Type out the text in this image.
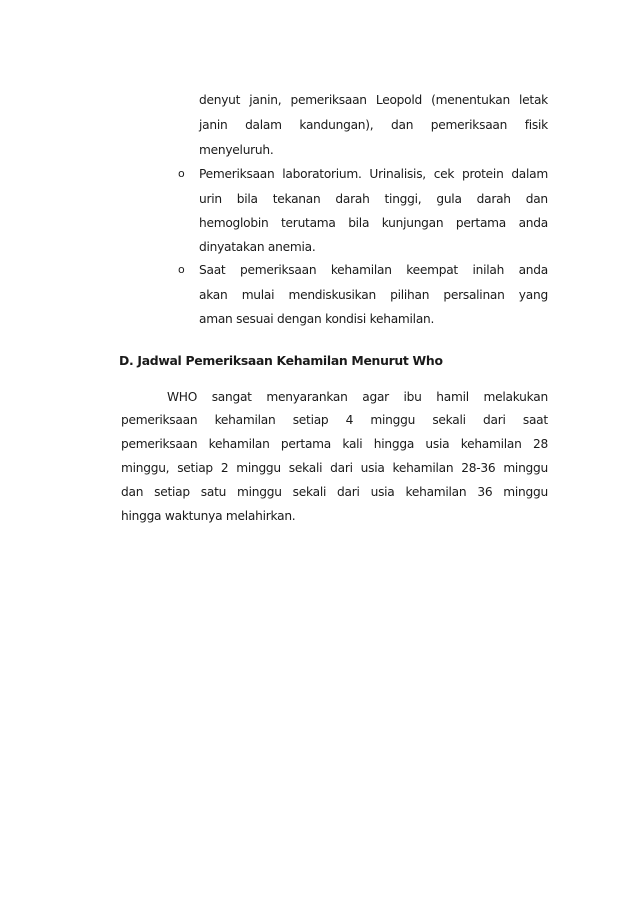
denyut janin, pemeriksaan Leopold (menentukan letak
janin dalam kandungan), dan pemeriksaan fisik
menyeluruh.
o Pemeriksaan laboratorium. Urinalisis, cek protein dalam
urin bila tekanan darah tinggi, gula darah dan
hemoglobin terutama bila kunjungan pertama anda
dinyatakan anemia.
o Saat pemeriksaan kehamilan keempat inilah anda
akan mulai mendiskusikan pilihan persalinan yang
aman sesuai dengan kondisi kehamilan.
D. Jadwal Pemeriksaan Kehamilan Menurut Who
WHO sangat menyarankan agar ibu hamil melakukan
pemeriksaan kehamilan setiap 4 minggu sekali dari saat
pemeriksaan kehamilan pertama kali hingga usia kehamilan 28
minggu, setiap 2 minggu sekali dari usia kehamilan 28-36 minggu
dan setiap satu minggu sekali dari usia kehamilan 36 minggu
hingga waktunya melahirkan.
